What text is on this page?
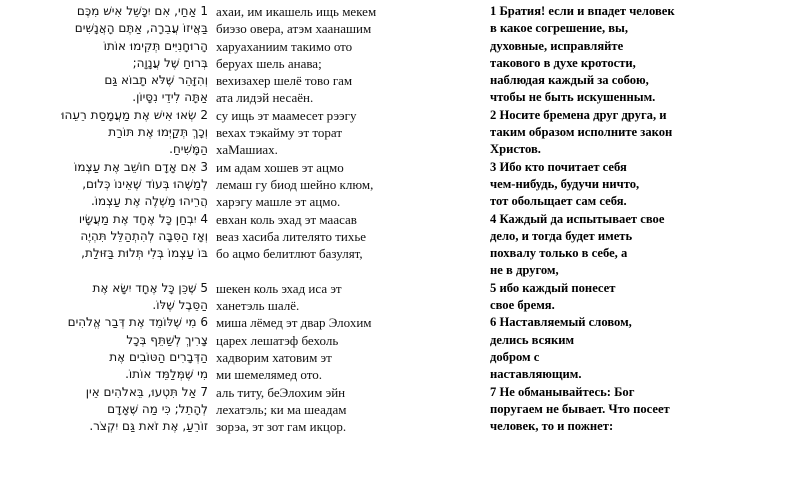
1 אַחַי, אִם יִכָּשֵׁל אִישׁ מִכֶּם
בַּאֲיזוֹ עֲבֵרָה, אַתֶּם הָאֲנָשִׁים
הָרוּחָנִיִּים תְּקִימוּ אוֹתוֹ
בְּרוּחַ שֶׁל עֲנָוָה;
וְהִזָּהֵר שֶׁלֹּא תָבוֹא גַּם
אַתָּה לִידֵי נִסָּיוֹן.
2 שְׂאוּ אִישׁ אֶת מַעֲמָסַת רֵעֵהוּ
וְכָךְ תְּקַיְּמוּ אֶת תּוֹרַת
הַמָּשִׁיחַ.
3 אִם אָדָם חוֹשֵׁב אֶת עַצְמוֹ
לְמַשֶּׁהוּ בְּעוֹד שֶׁאֵינוֹ כְּלוּם,
הֲרֵיהוּ מַשְׁלֶה אֶת עַצְמוֹ.
4 יִבְחַן כָּל אֶחָד אֶת מַעֲשָׂיו
וְאָז הַסִּבָּה לְהִתְהַלֵּל תִּהְיֶה
בּוֹ עַצְמוֹ בְּלִי תְּלוּת בַּזּוּלַת,
5 שֶׁכֵּן כָּל אֶחָד יִשָּׂא אֶת
הַסֵּבֶל שֶׁלּוֹ.
6 מִי שֶׁלּוֹמֵד אֶת דְּבַר אֱלֹהִים
צָרִיךְ לְשַׁתֵּף בְּכָל
הַדְּבָרִים הַטּוֹבִים אֶת
מִי שֶׁמְּלַמֵּד אוֹתוֹ.
7 אַל תִּטְעוּ, בֵּאלֹהִים אֵין
לְהָתֵל; כִּי מַה שֶּׁאָדָם
זוֹרֵעַ, אֶת זֹאת גַּם יִקְצֹר.
ахаи, им икашель ищь мекем
биэзо овера, атэм хаанашим
харуаханиим такимо ото
беруах шель анава;
вехизахер шелё тово гам
ата лидэй несаён.
су ищь эт маамесет рээгу
вехах тэкайму эт торат
хаМашиах.
им адам хошев эт ацмо
лемаш гу биод шейно клюм,
харэгу машле эт ацмо.
евхан коль эхад эт маасав
веаз хасиба лителято тихье
бо ацмо белитлют базулят,
шекен коль эхад иса эт
ханетэль шалё.
миша лёмед эт двар Элохим
царех лешатэф бехоль
хадворим хатовим эт
ми шемелямед ото.
аль титу, беЭлохим эйн
лехатэль; ки ма шеадам
зорэа, эт зот гам икцор.
1 Братия! если и впадет человек
в какое согрешение, вы,
духовные, исправляйте
такового в духе кротости,
наблюдая каждый за собою,
чтобы не быть искушенным.
2 Носите бремена друг друга, и
таким образом исполните закон
Христов.
3 Ибо кто почитает себя
чем-нибудь, будучи ничто,
тот обольщает сам себя.
4 Каждый да испытывает свое
дело, и тогда будет иметь
похвалу только в себе, а
не в другом,
5 ибо каждый понесет
свое бремя.
6 Наставляемый словом,
делись всяким
добром с
наставляющим.
7 Не обманывайтесь: Бог
поругаем не бывает. Что посеет
человек, то и пожнет:
